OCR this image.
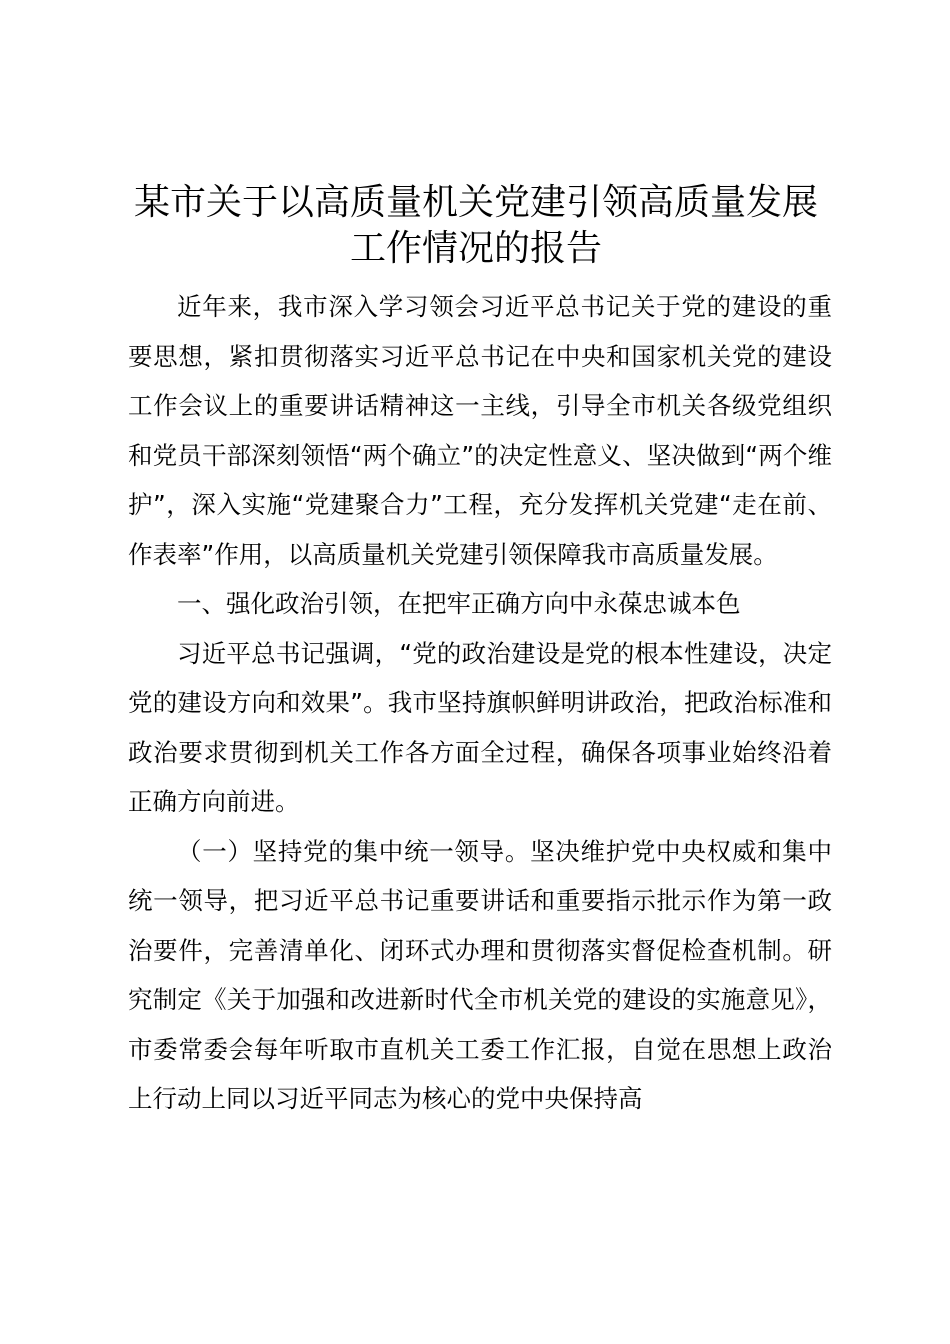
某市关于以高质量机关党建引领高质量发展工作情况的报告

近年来，我市深入学习领会习近平总书记关于党的建设的重要思想，紧扣贯彻落实习近平总书记在中央和国家机关党的建设工作会议上的重要讲话精神这一主线，引导全市机关各级党组织和党员干部深刻领悟“两个确立”的决定性意义、坚决做到“两个维护”，深入实施“党建聚合力”工程，充分发挥机关党建“走在前、作表率”作用，以高质量机关党建引领保障我市高质量发展。

一、强化政治引领，在把牢正确方向中永葆忠诚本色

习近平总书记强调，“党的政治建设是党的根本性建设，决定党的建设方向和效果”。我市坚持旗帜鲜明讲政治，把政治标准和政治要求贯彻到机关工作各方面全过程，确保各项事业始终沿着正确方向前进。

（一）坚持党的集中统一领导。坚决维护党中央权威和集中统一领导，把习近平总书记重要讲话和重要指示批示作为第一政治要件，完善清单化、闭环式办理和贯彻落实督促检查机制。研究制定《关于加强和改进新时代全市机关党的建设的实施意见》，市委常委会每年听取市直机关工委工作汇报，自觉在思想上政治上行动上同以习近平同志为核心的党中央保持高
